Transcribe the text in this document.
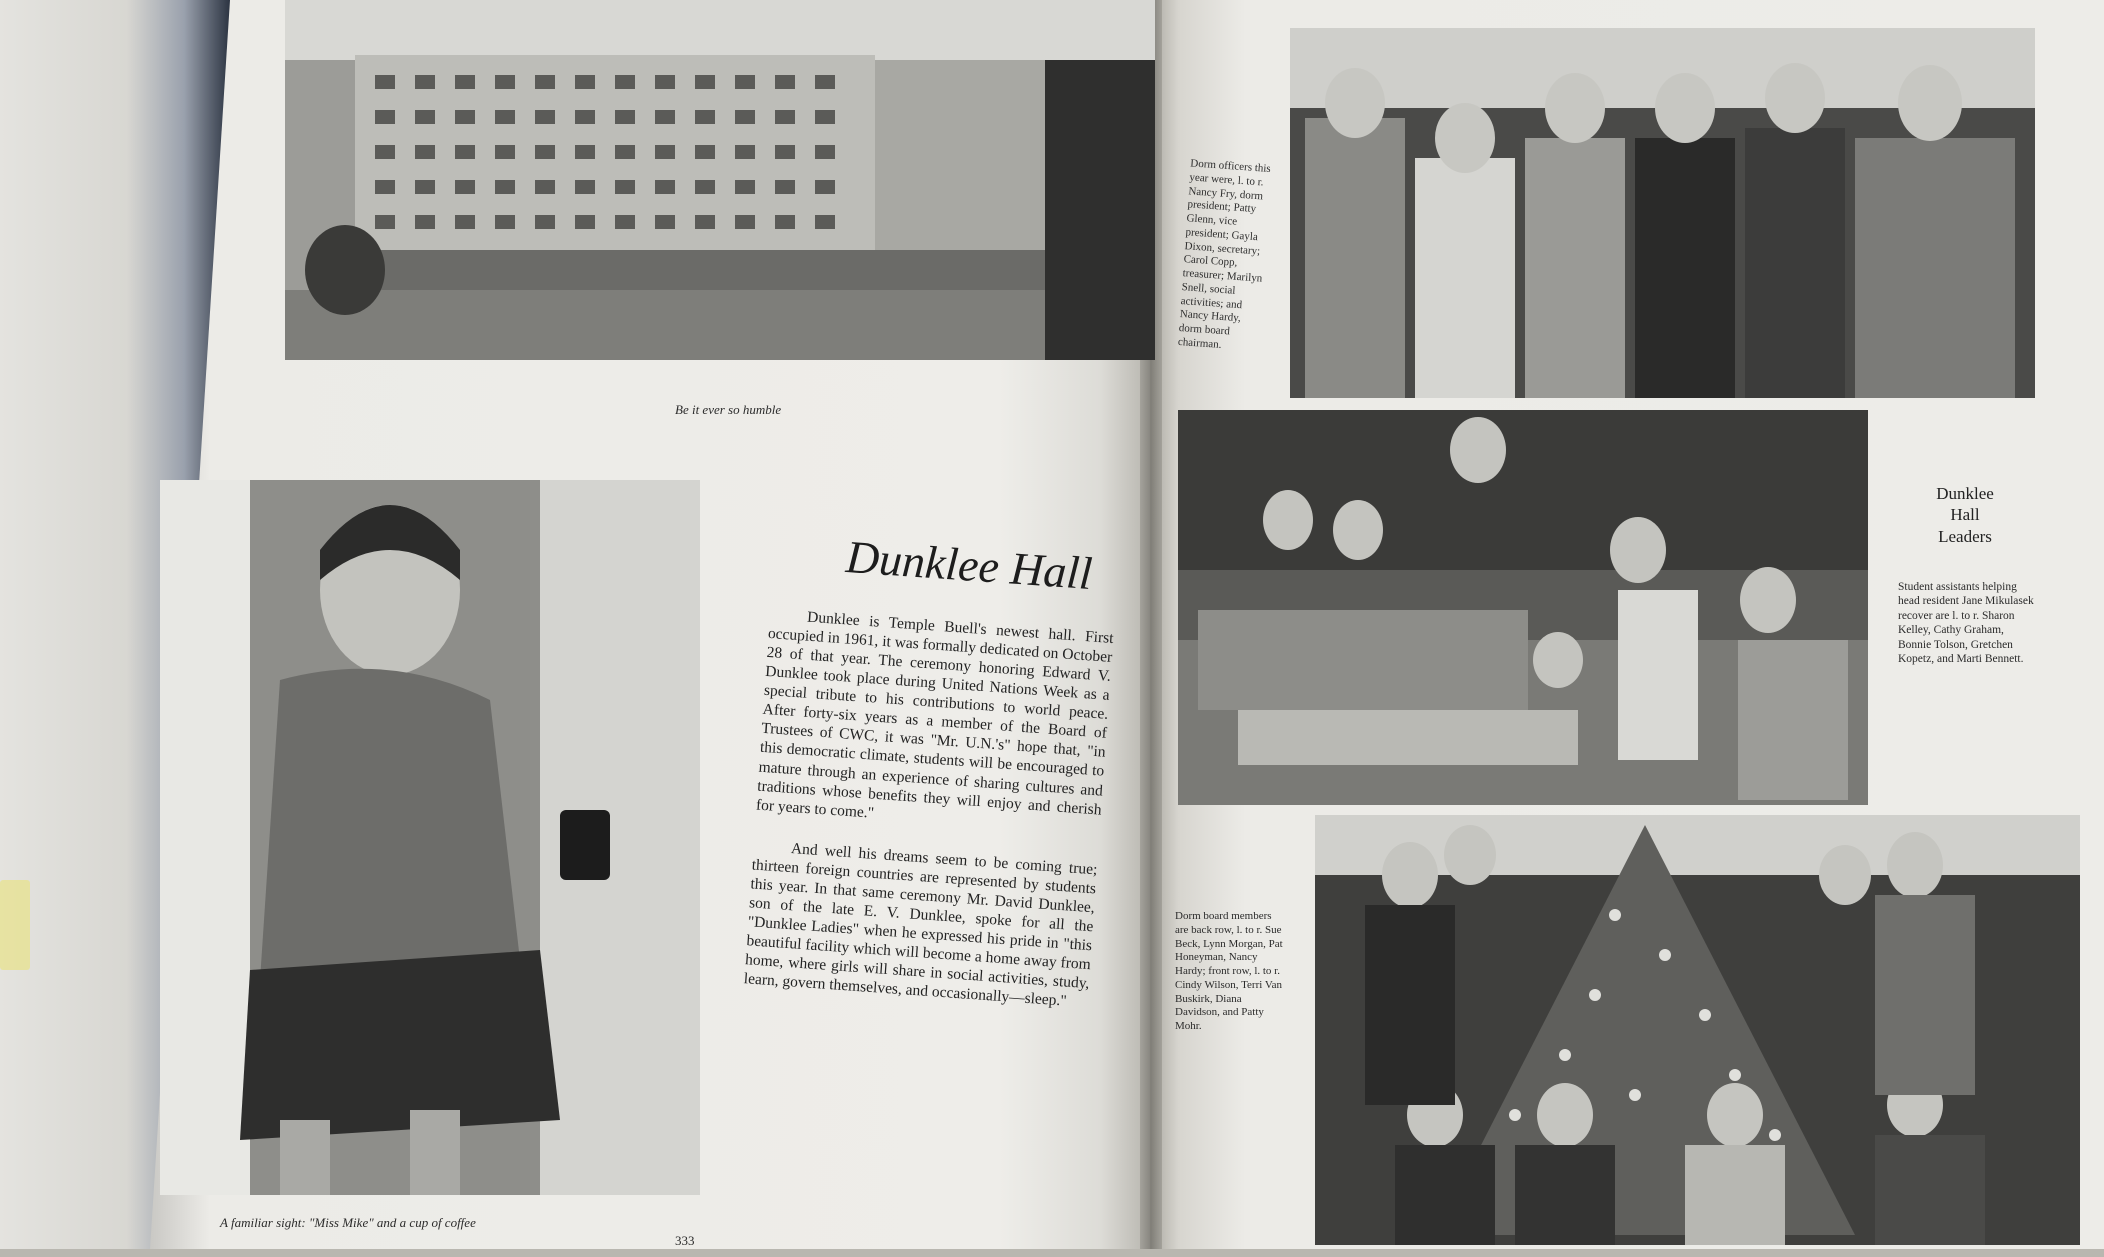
Be it ever so humble
A familiar sight: "Miss Mike" and a cup of coffee
333
Dunklee Hall

Dunklee is Temple Buell's newest hall. First occupied in 1961, it was formally dedicated on October 28 of that year. The ceremony honoring Edward V. Dunklee took place during United Nations Week as a special tribute to his contributions to world peace. After forty-six years as a member of the Board of Trustees of CWC, it was "Mr. U.N.'s" hope that, "in this democratic climate, students will be encouraged to mature through an experience of sharing cultures and traditions whose benefits they will enjoy and cherish for years to come."

And well his dreams seem to be coming true; thirteen foreign countries are represented by students this year. In that same ceremony Mr. David Dunklee, son of the late E. V. Dunklee, spoke for all the "Dunklee Ladies" when he expressed his pride in "this beautiful facility which will become a home away from home, where girls will share in social activities, study, learn, govern themselves, and occasionally—sleep."

Dorm officers this year were, l. to r. Nancy Fry, dorm president; Patty Glenn, vice president; Gayla Dixon, secretary; Carol Copp, treasurer; Marilyn Snell, social activities; and Nancy Hardy, dorm board chairman.
Dunklee
Hall
Leaders
Student assistants helping head resident Jane Mikulasek recover are l. to r. Sharon Kelley, Cathy Graham, Bonnie Tolson, Gretchen Kopetz, and Marti Bennett.
Dorm board members are back row, l. to r. Sue Beck, Lynn Morgan, Pat Honeyman, Nancy Hardy; front row, l. to r. Cindy Wilson, Terri Van Buskirk, Diana Davidson, and Patty Mohr.
